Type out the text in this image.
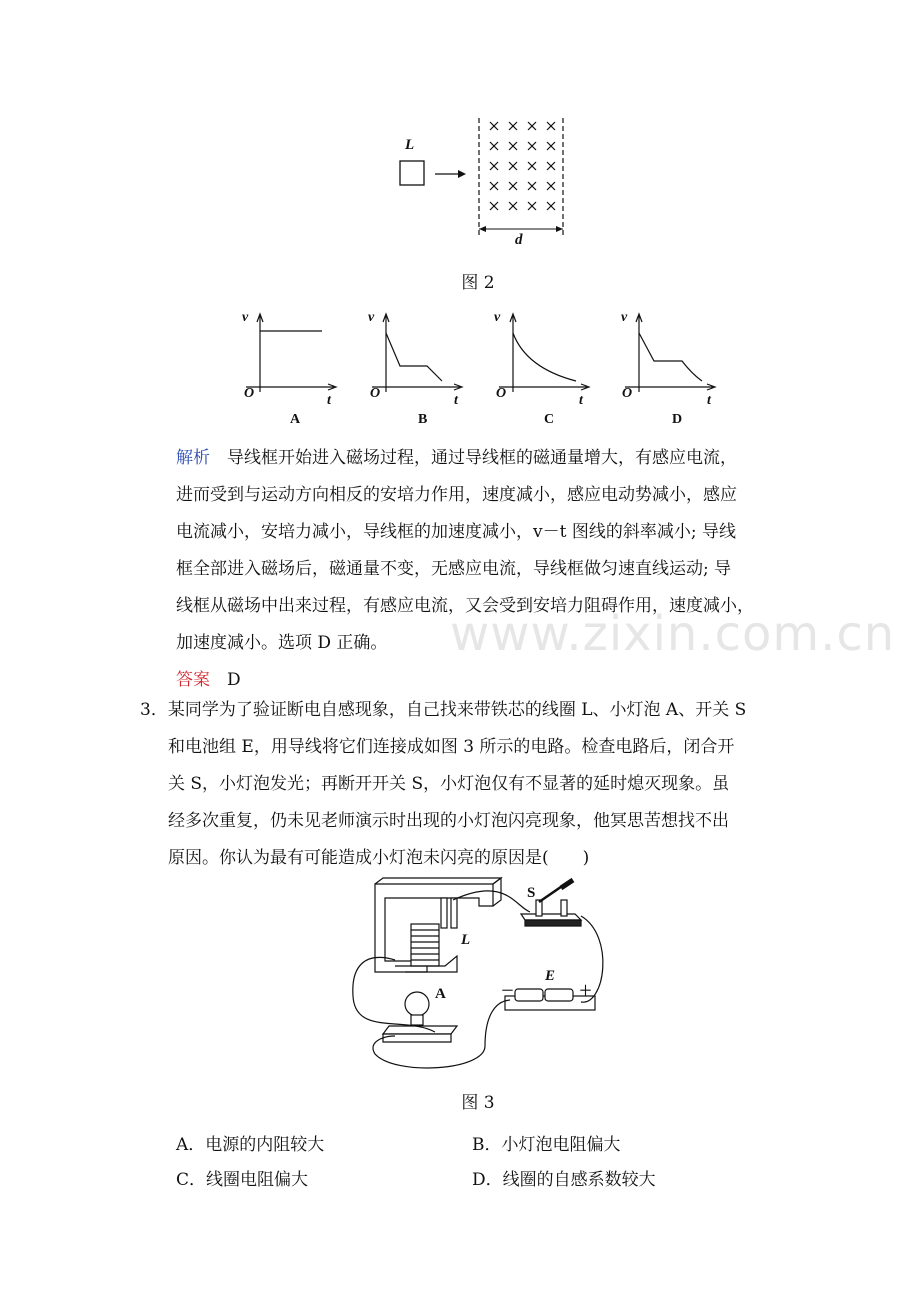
L
d
图 2
v
t
O
A
v
t
O
B
v
t
O
C
v
t
O
D
www.zixin.com.cn
解析　 导线框开始进入磁场过程，通过导线框的磁通量增大，有感应电流，
进而受到与运动方向相反的安培力作用，速度减小，感应电动势减小，感应
电流减小，安培力减小，导线框的加速度减小，v－t 图线的斜率减小; 导线
框全部进入磁场后，磁通量不变，无感应电流，导线框做匀速直线运动; 导
线框从磁场中出来过程，有感应电流，又会受到安培力阻碍作用，速度减小，
加速度减小。选项 D 正确。
答案　 D
3．某同学为了验证断电自感现象，自己找来带铁芯的线圈 L、小灯泡 A、开关 S
和电池组 E，用导线将它们连接成如图 3 所示的电路。检查电路后，闭合开
关 S，小灯泡发光；再断开开关 S，小灯泡仅有不显著的延时熄灭现象。虽
经多次重复，仍未见老师演示时出现的小灯泡闪亮现象，他冥思苦想找不出
原因。你认为最有可能造成小灯泡未闪亮的原因是(　　)
S
L
E
－	＋
A
图 3
A．电源的内阻较大	B．小灯泡电阻偏大
C．线圈电阻偏大	D．线圈的自感系数较大
